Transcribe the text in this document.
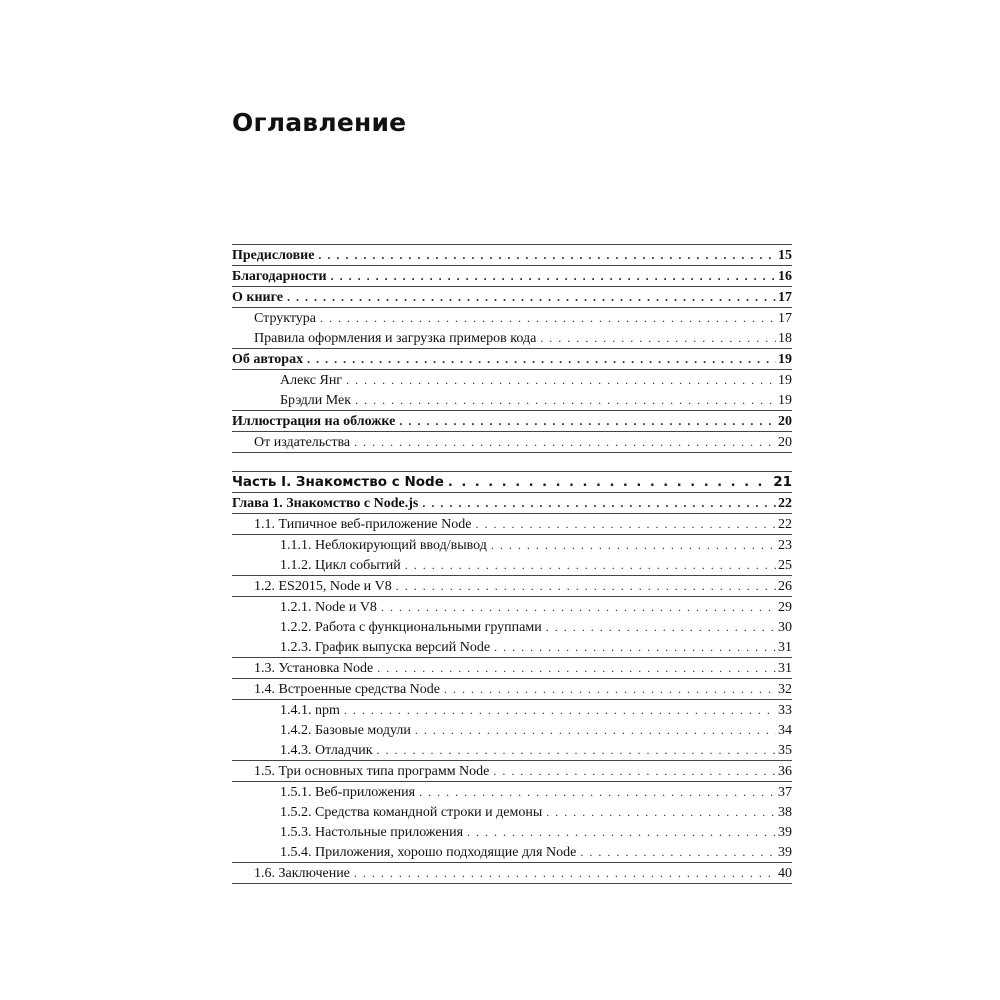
Оглавление
Предисловие . . .	15
Благодарности . . .	16
О книге . . .	17
Структура . . .	17
Правила оформления и загрузка примеров кода . . .	18
Об авторах . . .	19
Алекс Янг . . .	19
Брэдли Мек . . .	19
Иллюстрация на обложке . . .	20
От издательства . . .	20
Часть I. Знакомство с Node . . .	21
Глава 1. Знакомство с Node.js . . .	22
1.1. Типичное веб-приложение Node . . .	22
1.1.1. Неблокирующий ввод/вывод . . .	23
1.1.2. Цикл событий . . .	25
1.2. ES2015, Node и V8 . . .	26
1.2.1. Node и V8 . . .	29
1.2.2. Работа с функциональными группами . . .	30
1.2.3. График выпуска версий Node . . .	31
1.3. Установка Node . . .	31
1.4. Встроенные средства Node . . .	32
1.4.1. npm . . .	33
1.4.2. Базовые модули . . .	34
1.4.3. Отладчик . . .	35
1.5. Три основных типа программ Node . . .	36
1.5.1. Веб-приложения . . .	37
1.5.2. Средства командной строки и демоны . . .	38
1.5.3. Настольные приложения . . .	39
1.5.4. Приложения, хорошо подходящие для Node . . .	39
1.6. Заключение . . .	40
